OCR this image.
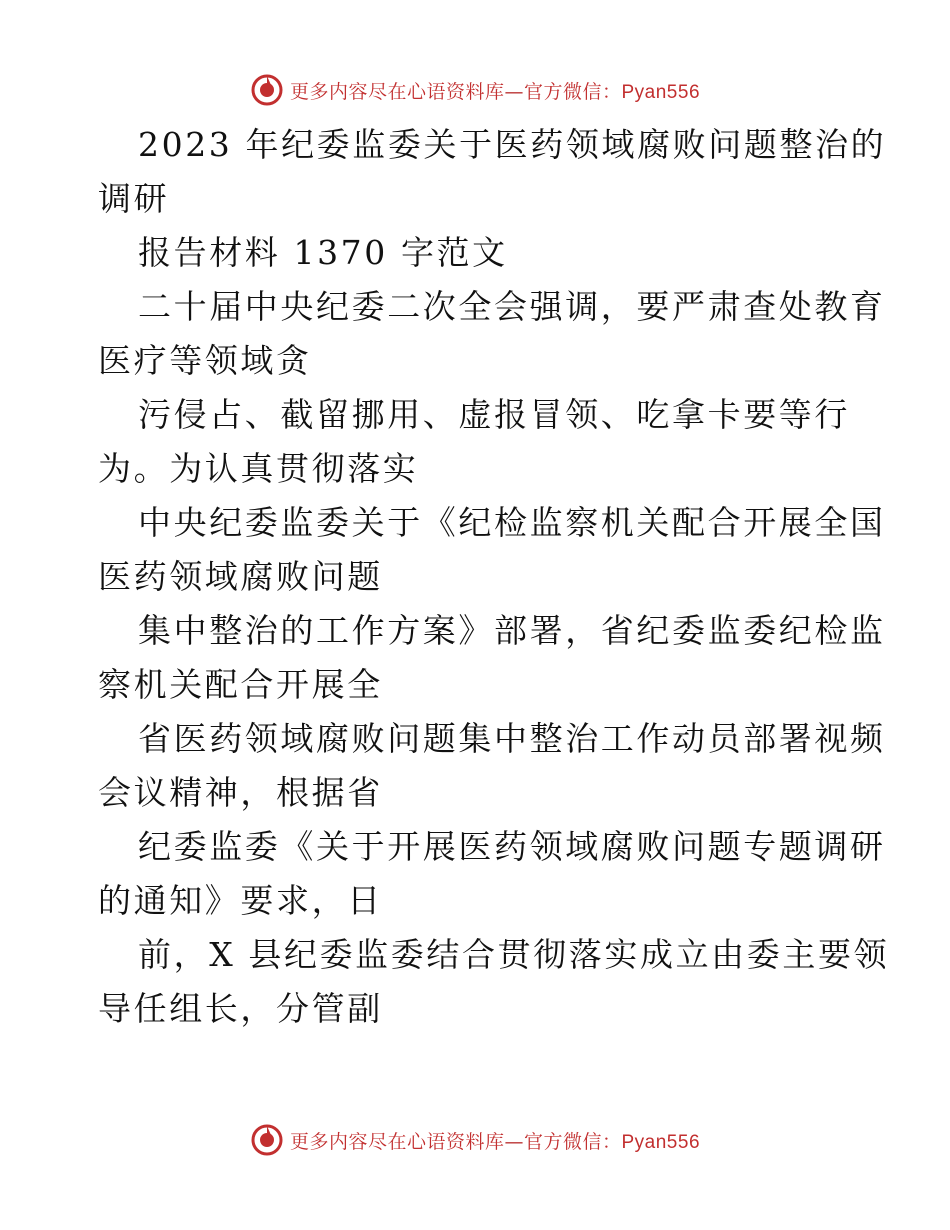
更多内容尽在心语资料库—官方微信：Pyan556

2023 年纪委监委关于医药领域腐败问题整治的

调研

报告材料 1370 字范文

二十届中央纪委二次全会强调，要严肃查处教育

医疗等领域贪

污侵占、截留挪用、虚报冒领、吃拿卡要等行

为。为认真贯彻落实

中央纪委监委关于《纪检监察机关配合开展全国

医药领域腐败问题

集中整治的工作方案》部署，省纪委监委纪检监

察机关配合开展全

省医药领域腐败问题集中整治工作动员部署视频

会议精神，根据省

纪委监委《关于开展医药领域腐败问题专题调研

的通知》要求，日

前，X 县纪委监委结合贯彻落实成立由委主要领

导任组长，分管副

更多内容尽在心语资料库—官方微信：Pyan556
